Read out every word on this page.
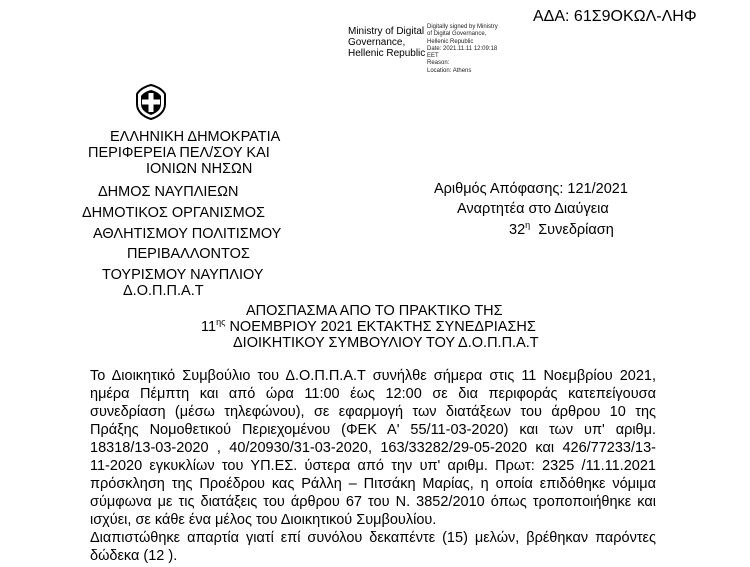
ΑΔΑ: 61Σ9ΟΚΩΛ-ΛΗΦ
Ministry of Digital
Governance,
Hellenic Republic
Digitally signed by Ministry
of Digital Governance,
Hellenic Republic
Date: 2021.11.11 12:09:18
EET
Reason:
Location: Athens
ΕΛΛΗΝΙΚΗ ΔΗΜΟΚΡΑΤΙΑ
ΠΕΡΙΦΕΡΕΙΑ ΠΕΛ/ΣΟΥ ΚΑΙ
ΙΟΝΙΩΝ ΝΗΣΩΝ
ΔΗΜΟΣ ΝΑΥΠΛΙΕΩΝ
ΔΗΜΟΤΙΚΟΣ ΟΡΓΑΝΙΣΜΟΣ
ΑΘΛΗΤΙΣΜΟΥ ΠΟΛΙΤΙΣΜΟΥ
ΠΕΡΙΒΑΛΛΟΝΤΟΣ
ΤΟΥΡΙΣΜΟΥ ΝΑΥΠΛΙΟΥ
Δ.Ο.Π.Π.Α.Τ
Αριθμός Απόφασης: 121/2021
Αναρτητέα στο Διαύγεια
$32^\eta$ Συνεδρίαση
ΑΠΟΣΠΑΣΜΑ ΑΠΟ ΤΟ ΠΡΑΚΤΙΚΟ ΤΗΣ
$11^{\eta\varsigma}$ ΝΟΕΜΒΡΙΟΥ 2021 ΕΚΤΑΚΤΗΣ ΣΥΝΕΔΡΙΑΣΗΣ
ΔΙΟΙΚΗΤΙΚΟΥ ΣΥΜΒΟΥΛΙΟΥ ΤΟΥ Δ.Ο.Π.Π.Α.Τ
Το Διοικητικό Συμβούλιο του Δ.Ο.Π.Π.Α.Τ συνήλθε σήμερα στις 11 Νοεμβρίου 2021,
ημέρα Πέμπτη και από ώρα 11:00 έως 12:00 σε δια περιφοράς κατεπείγουσα
συνεδρίαση (μέσω τηλεφώνου), σε εφαρμογή των διατάξεων του άρθρου 10 της
Πράξης Νομοθετικού Περιεχομένου (ΦΕΚ Α' 55/11-03-2020) και των υπ' αριθμ.
18318/13-03-2020 , 40/20930/31-03-2020, 163/33282/29-05-2020 και 426/77233/13-
11-2020 εγκυκλίων του ΥΠ.ΕΣ. ύστερα από την υπ' αριθμ. Πρωτ: 2325 /11.11.2021
πρόσκληση της Προέδρου κας Ράλλη – Πιτσάκη Μαρίας, η οποία επιδόθηκε νόμιμα
σύμφωνα με τις διατάξεις του άρθρου 67 του Ν. 3852/2010 όπως τροποποιήθηκε και
ισχύει, σε κάθε ένα μέλος του Διοικητικού Συμβουλίου.
Διαπιστώθηκε απαρτία γιατί επί συνόλου δεκαπέντε (15) μελών, βρέθηκαν παρόντες
δώδεκα (12 ).
